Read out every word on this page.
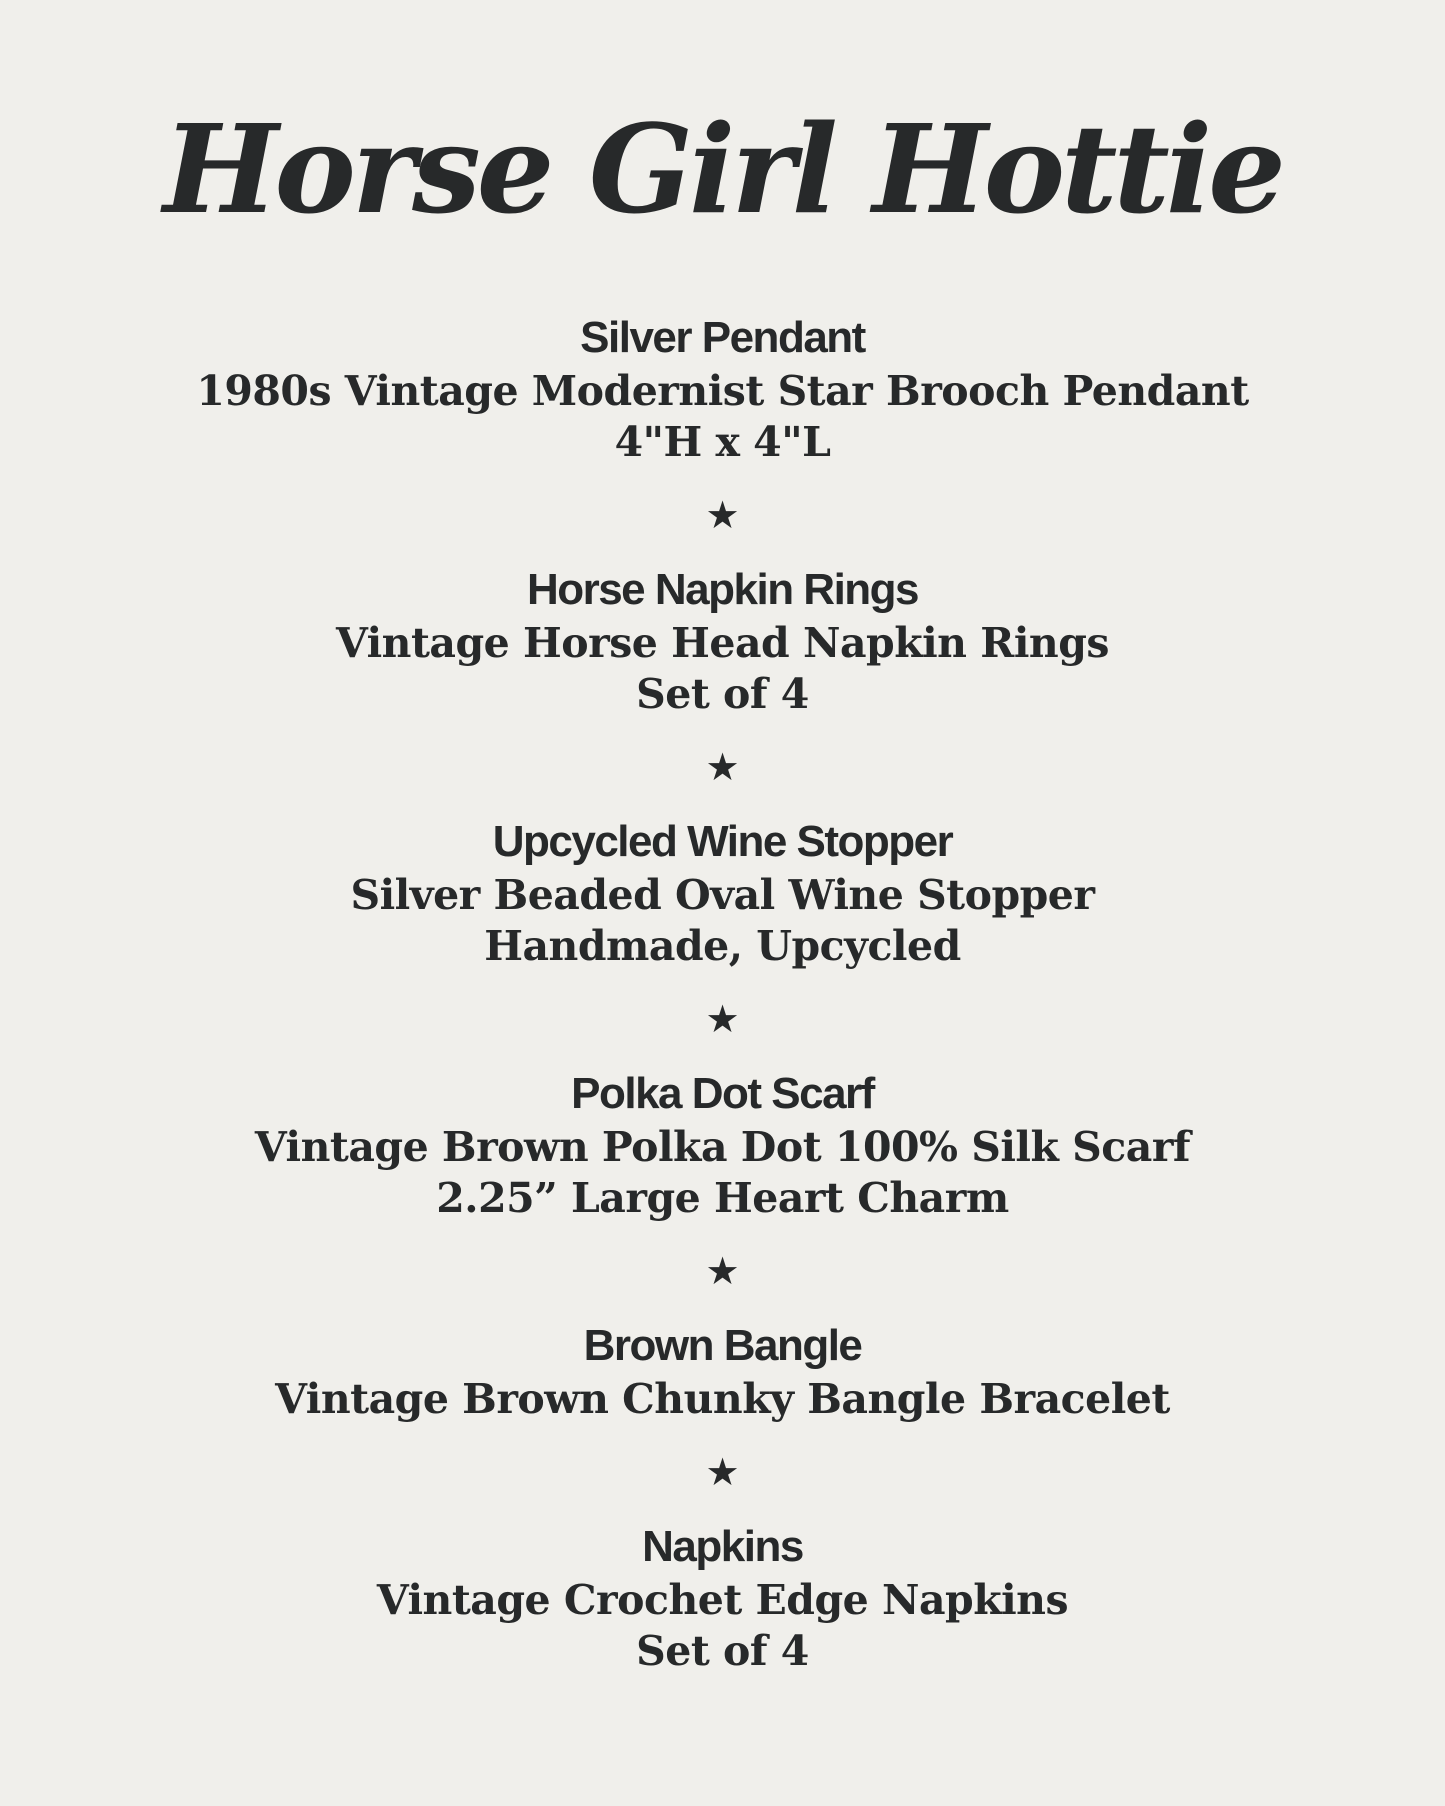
Horse Girl Hottie
Silver Pendant

1980s Vintage Modernist Star Brooch Pendant

4"H x 4"L

★
Horse Napkin Rings

Vintage Horse Head Napkin Rings

Set of 4

★
Upcycled Wine Stopper

Silver Beaded Oval Wine Stopper

Handmade, Upcycled

★
Polka Dot Scarf

Vintage Brown Polka Dot 100% Silk Scarf

2.25” Large Heart Charm

★
Brown Bangle

Vintage Brown Chunky Bangle Bracelet

★
Napkins

Vintage Crochet Edge Napkins

Set of 4
